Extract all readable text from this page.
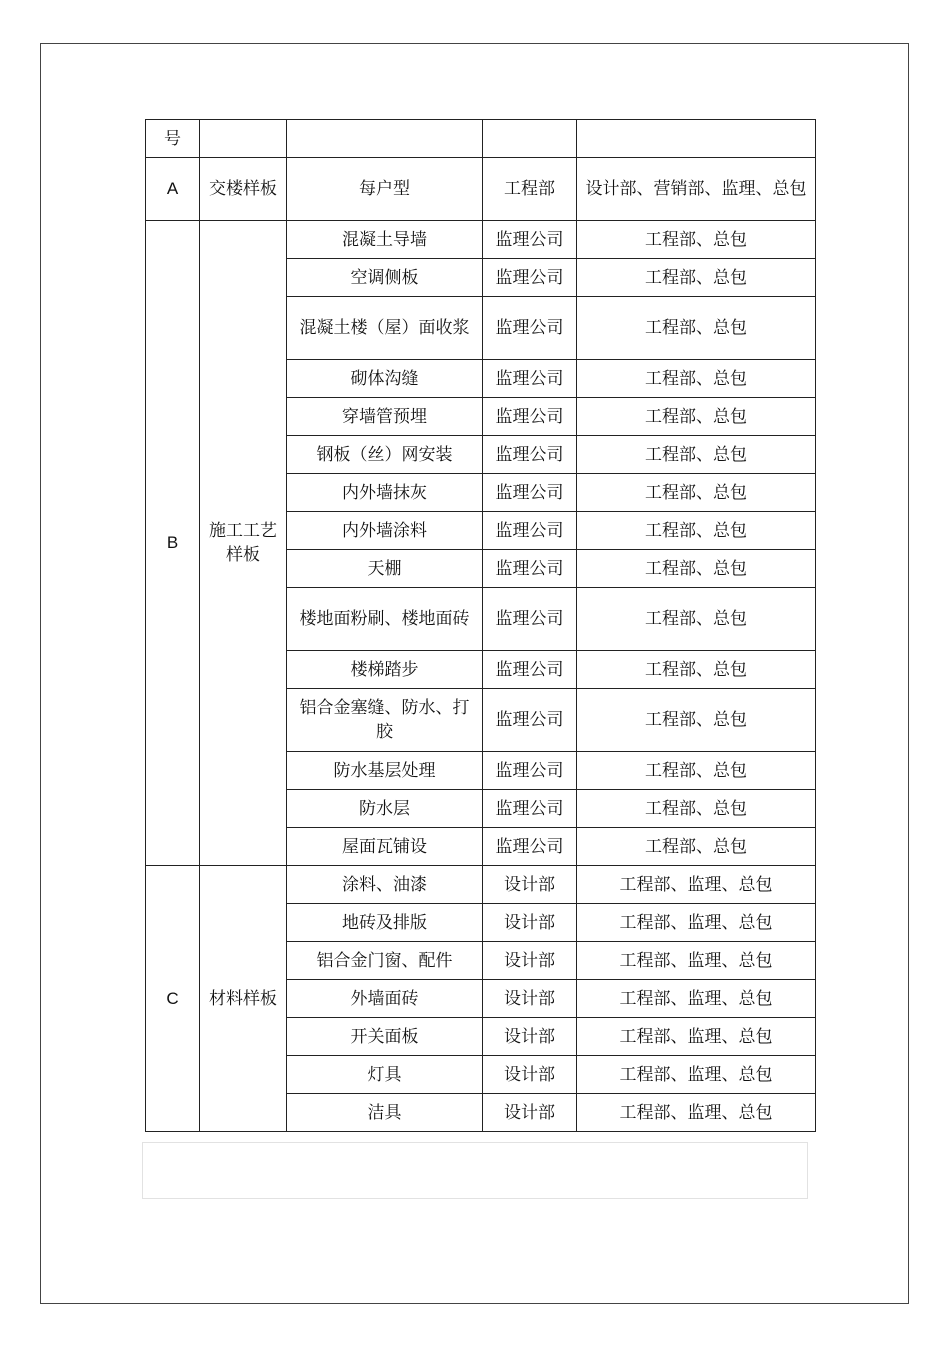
号				
A	交楼样板	每户型	工程部	设计部、营销部、监理、总包
B	施工工艺样板	混凝土导墙	监理公司	工程部、总包
		空调侧板	监理公司	工程部、总包
		混凝土楼（屋）面收浆	监理公司	工程部、总包
		砌体沟缝	监理公司	工程部、总包
		穿墙管预埋	监理公司	工程部、总包
		钢板（丝）网安装	监理公司	工程部、总包
		内外墙抹灰	监理公司	工程部、总包
		内外墙涂料	监理公司	工程部、总包
		天棚	监理公司	工程部、总包
		楼地面粉刷、楼地面砖	监理公司	工程部、总包
		楼梯踏步	监理公司	工程部、总包
		铝合金塞缝、防水、打胶	监理公司	工程部、总包
		防水基层处理	监理公司	工程部、总包
		防水层	监理公司	工程部、总包
		屋面瓦铺设	监理公司	工程部、总包
C	材料样板	涂料、油漆	设计部	工程部、监理、总包
		地砖及排版	设计部	工程部、监理、总包
		铝合金门窗、配件	设计部	工程部、监理、总包
		外墙面砖	设计部	工程部、监理、总包
		开关面板	设计部	工程部、监理、总包
		灯具	设计部	工程部、监理、总包
		洁具	设计部	工程部、监理、总包
